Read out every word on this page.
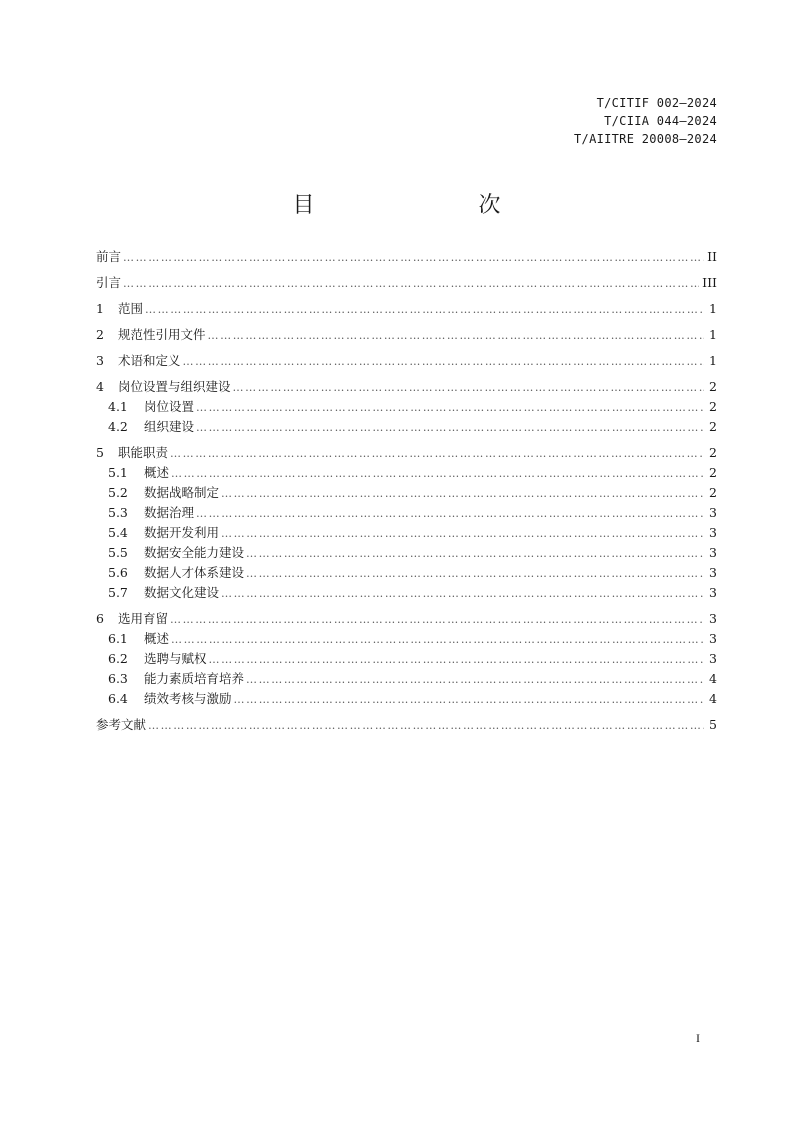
T/CITIF 002—2024
T/CIIA 044—2024
T/AIITRE 20008—2024
目　　次
前言 …………………………………………………………………………………………………………………………………………………………………………………………………………………………	II
引言 …………………………………………………………………………………………………………………………………………………………………………………………………………………………	III
1	范围 …………………………………………………………………………………………………………………………………………………………………………………………………………………………	1
2	规范性引用文件 …………………………………………………………………………………………………………………………………………………………………………………………………………………………	1
3	术语和定义 …………………………………………………………………………………………………………………………………………………………………………………………………………………………	1
4	岗位设置与组织建设 …………………………………………………………………………………………………………………………………………………………………………………………………………………………	2
4.1	岗位设置 …………………………………………………………………………………………………………………………………………………………………………………………………………………………	2
4.2	组织建设 …………………………………………………………………………………………………………………………………………………………………………………………………………………………	2
5	职能职责 …………………………………………………………………………………………………………………………………………………………………………………………………………………………	2
5.1	概述 …………………………………………………………………………………………………………………………………………………………………………………………………………………………	2
5.2	数据战略制定 …………………………………………………………………………………………………………………………………………………………………………………………………………………………	2
5.3	数据治理 …………………………………………………………………………………………………………………………………………………………………………………………………………………………	3
5.4	数据开发利用 …………………………………………………………………………………………………………………………………………………………………………………………………………………………	3
5.5	数据安全能力建设 …………………………………………………………………………………………………………………………………………………………………………………………………………………………	3
5.6	数据人才体系建设 …………………………………………………………………………………………………………………………………………………………………………………………………………………………	3
5.7	数据文化建设 …………………………………………………………………………………………………………………………………………………………………………………………………………………………	3
6	选用育留 …………………………………………………………………………………………………………………………………………………………………………………………………………………………	3
6.1	概述 …………………………………………………………………………………………………………………………………………………………………………………………………………………………	3
6.2	选聘与赋权 …………………………………………………………………………………………………………………………………………………………………………………………………………………………	3
6.3	能力素质培育培养 …………………………………………………………………………………………………………………………………………………………………………………………………………………………	4
6.4	绩效考核与激励 …………………………………………………………………………………………………………………………………………………………………………………………………………………………	4
参考文献 …………………………………………………………………………………………………………………………………………………………………………………………………………………………	5
I
